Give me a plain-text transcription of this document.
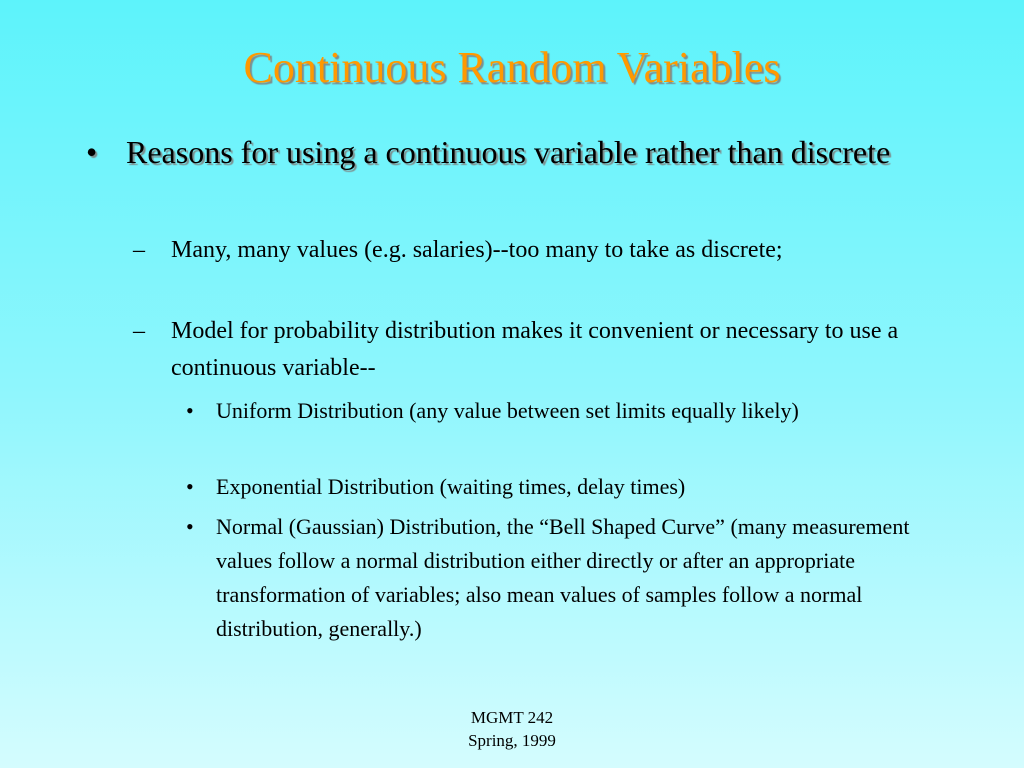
Continuous Random Variables
• Reasons for using a continuous variable rather than discrete
– Many, many values (e.g. salaries)--too many to take as discrete;
– Model for probability distribution makes it convenient or necessary to use a continuous variable--
• Uniform Distribution (any value between set limits equally likely)
• Exponential Distribution (waiting times, delay times)
• Normal (Gaussian) Distribution, the “Bell Shaped Curve” (many measurement values follow a normal distribution either directly or after an appropriate transformation of variables; also mean values of samples follow a normal distribution, generally.)
MGMT 242
Spring, 1999
